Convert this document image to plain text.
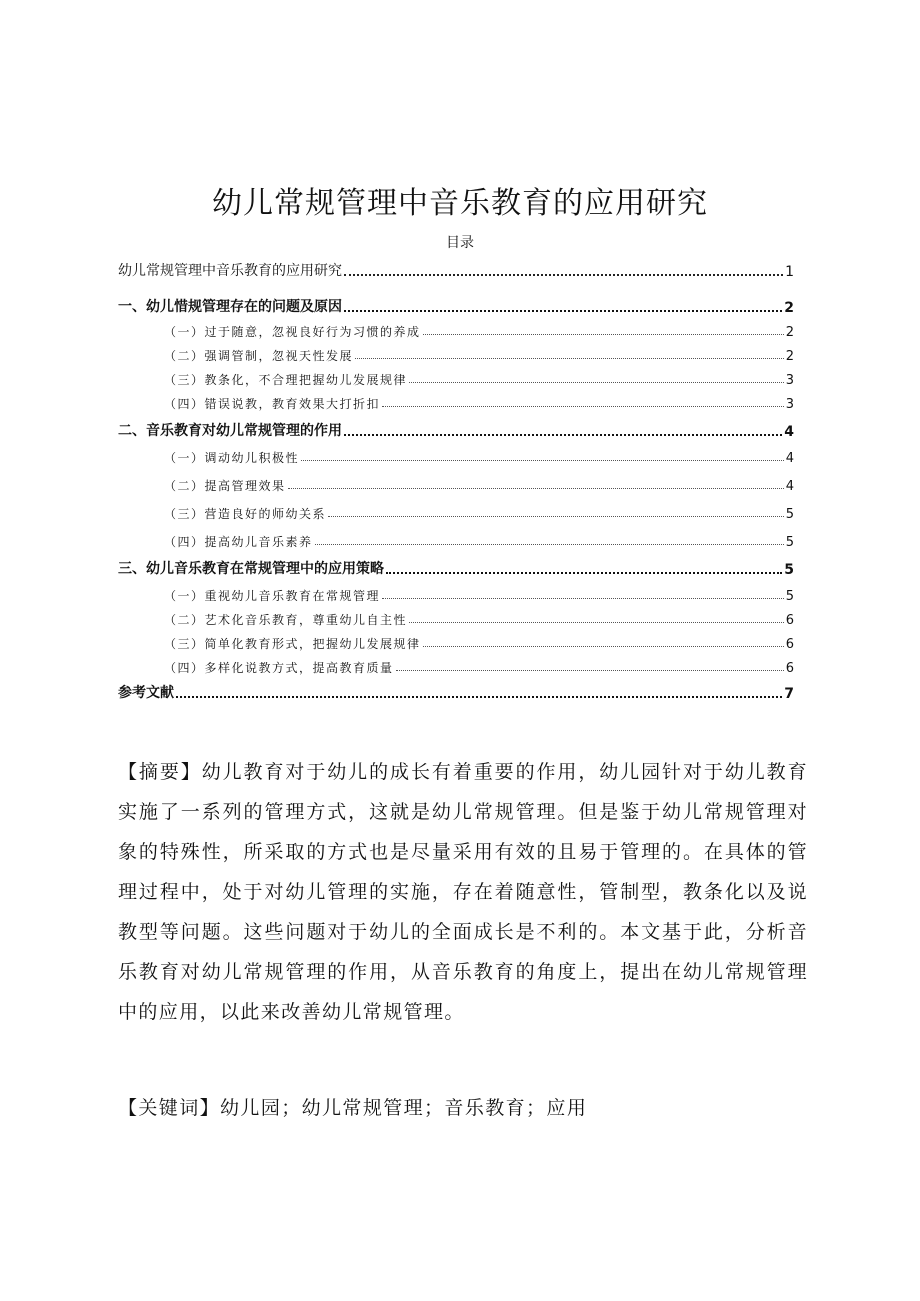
幼儿常规管理中音乐教育的应用研究
目录
幼儿常规管理中音乐教育的应用研究	1
一、幼儿惜规管理存在的问题及原因	2
（一）过于随意，忽视良好行为习惯的养成	2
（二）强调管制，忽视天性发展	2
（三）教条化，不合理把握幼儿发展规律	3
（四）错误说教，教育效果大打折扣	3
二、音乐教育对幼儿常规管理的作用	4
（一）调动幼儿积极性	4
（二）提高管理效果	4
（三）营造良好的师幼关系	5
（四）提高幼儿音乐素养	5
三、幼儿音乐教育在常规管理中的应用策略	5
（一）重视幼儿音乐教育在常规管理	5
（二）艺术化音乐教育，尊重幼儿自主性	6
（三）简单化教育形式，把握幼儿发展规律	6
（四）多样化说教方式，提高教育质量	6
参考文献	7
【摘要】幼儿教育对于幼儿的成长有着重要的作用，幼儿园针对于幼儿教育实施了一系列的管理方式，这就是幼儿常规管理。但是鉴于幼儿常规管理对象的特殊性，所采取的方式也是尽量采用有效的且易于管理的。在具体的管理过程中，处于对幼儿管理的实施，存在着随意性，管制型，教条化以及说教型等问题。这些问题对于幼儿的全面成长是不利的。本文基于此，分析音乐教育对幼儿常规管理的作用，从音乐教育的角度上，提出在幼儿常规管理中的应用，以此来改善幼儿常规管理。
【关键词】幼儿园；幼儿常规管理；音乐教育；应用
